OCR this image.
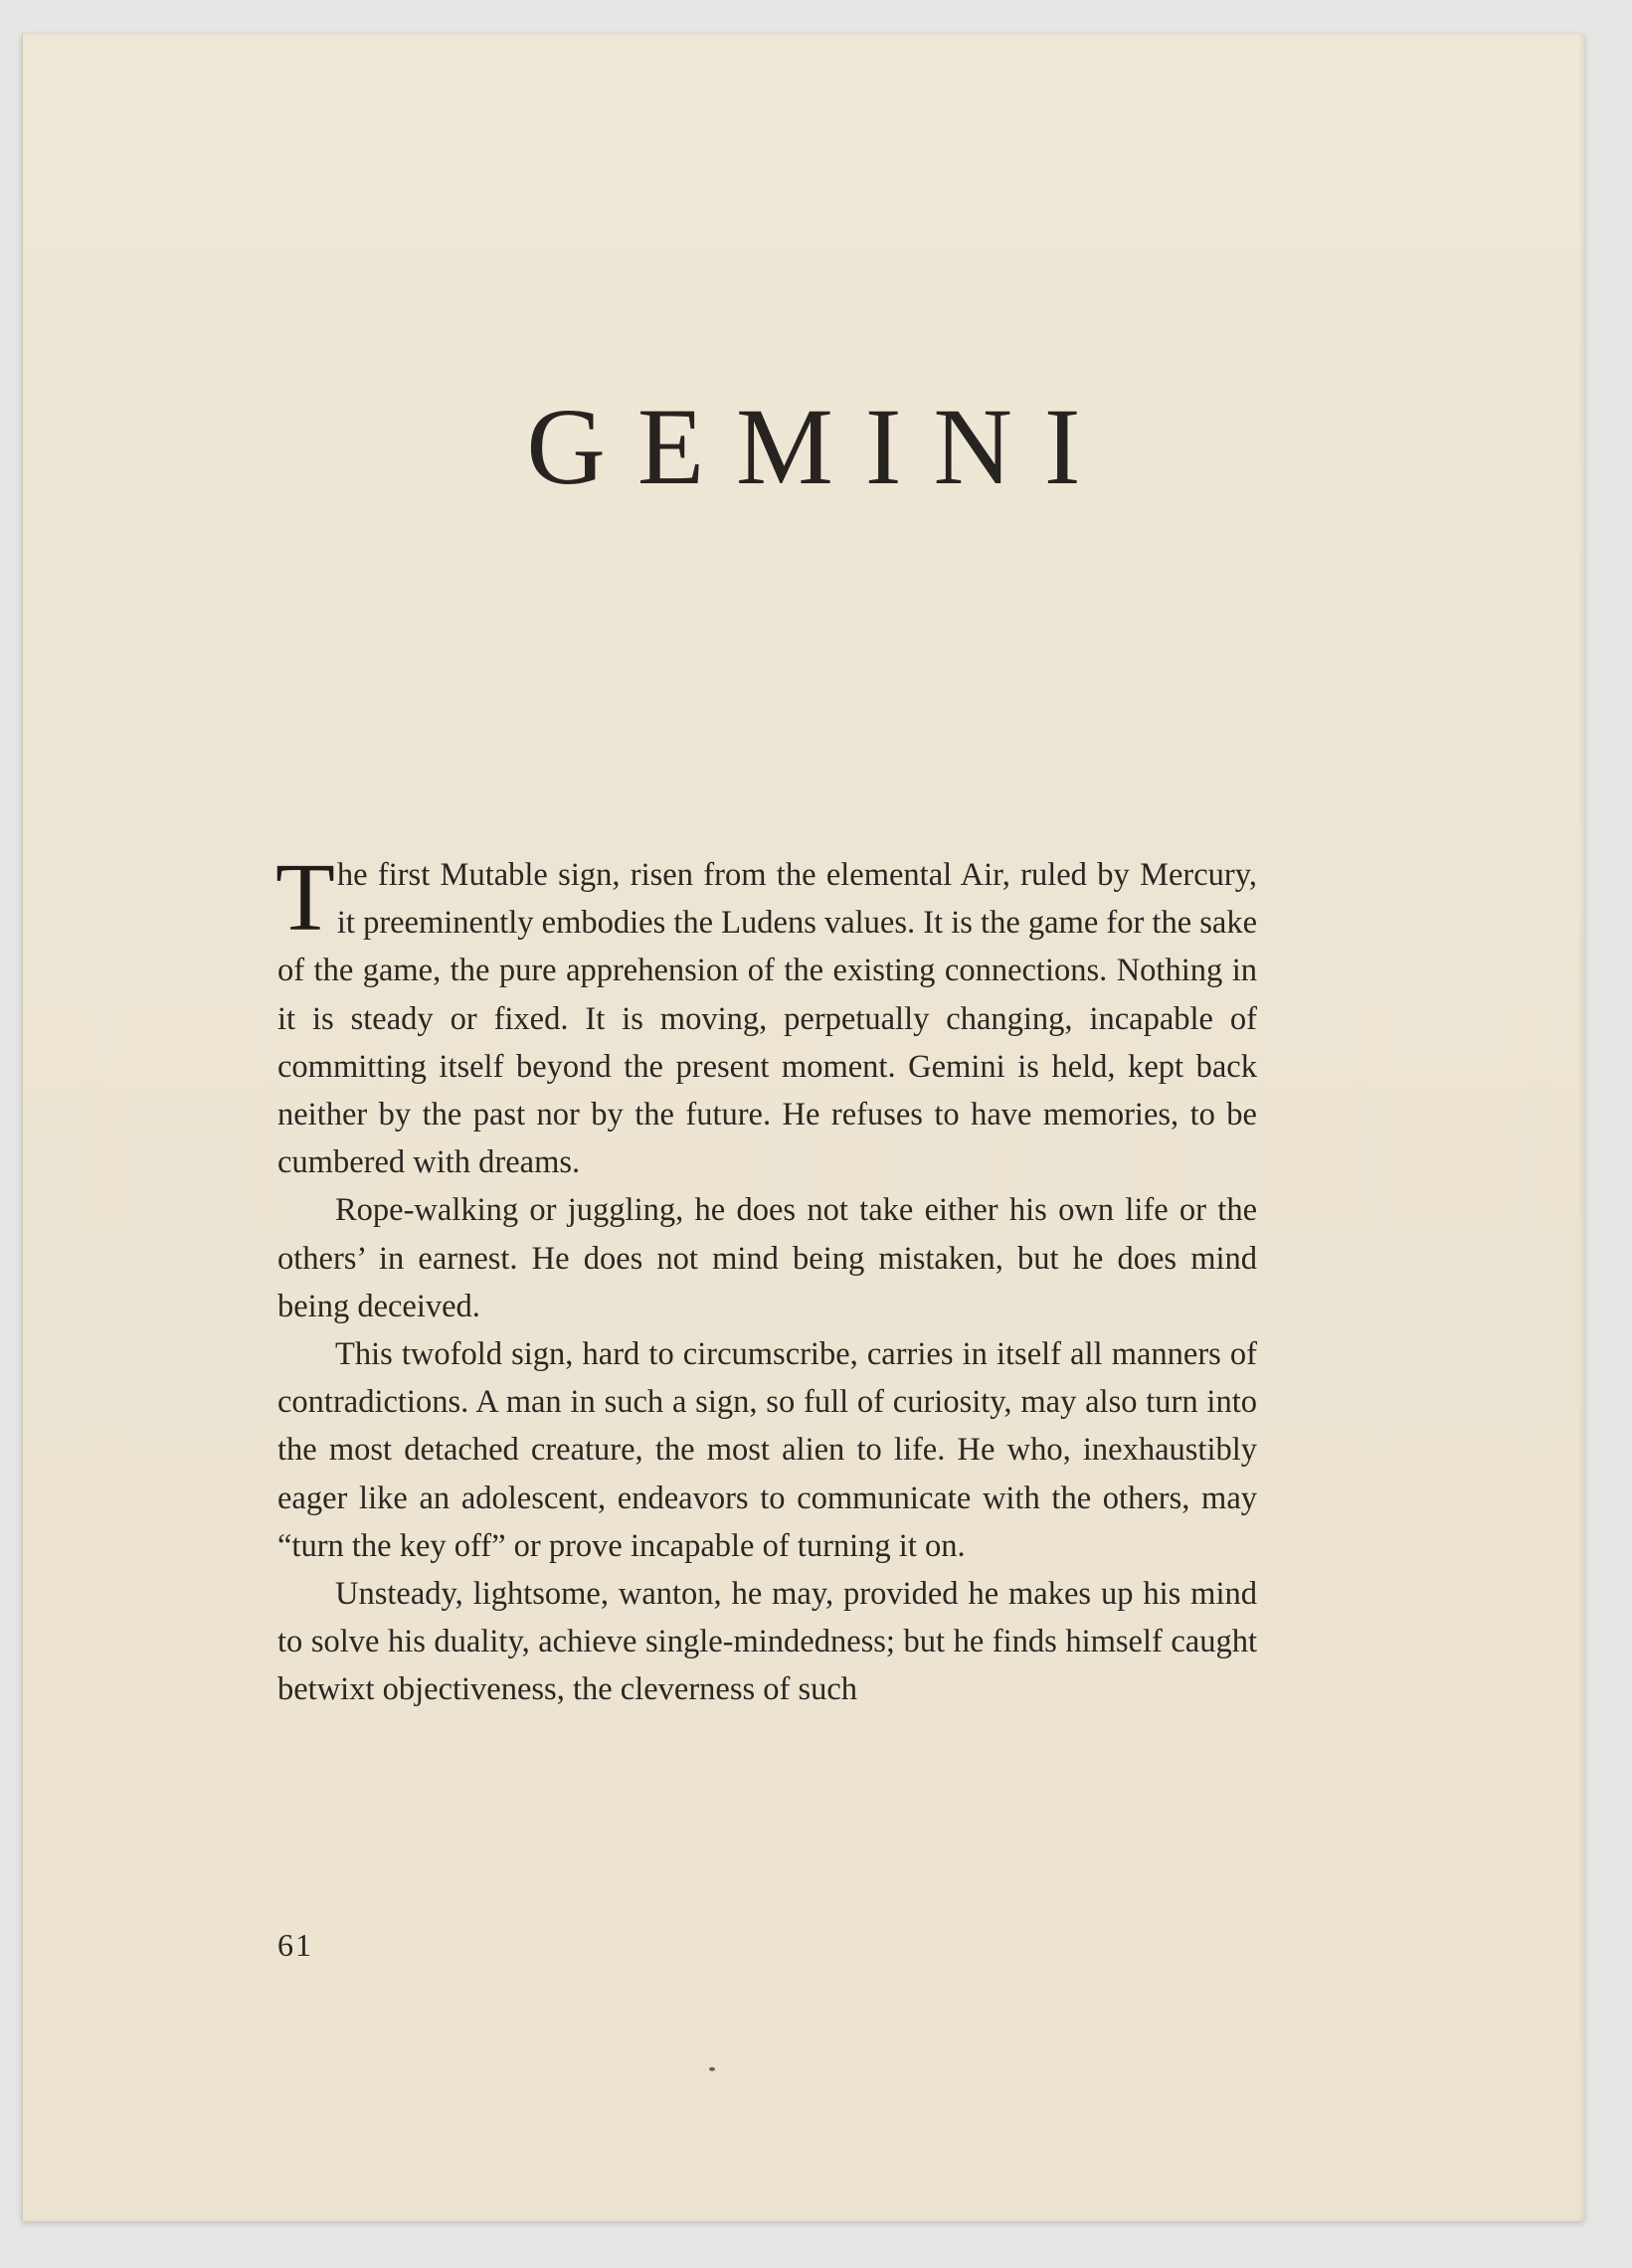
GEMINI

The first Mutable sign, risen from the elemental Air, ruled by Mercury, it preeminently embodies the Ludens values. It is the game for the sake of the game, the pure apprehension of the existing connections. Nothing in it is steady or fixed. It is moving, perpetually changing, incapable of committing itself beyond the present moment. Gemini is held, kept back neither by the past nor by the future. He refuses to have memories, to be cumbered with dreams.

Rope-walking or juggling, he does not take either his own life or the others’ in earnest. He does not mind being mistaken, but he does mind being deceived.

This twofold sign, hard to circumscribe, carries in itself all manners of contradictions. A man in such a sign, so full of curiosity, may also turn into the most detached creature, the most alien to life. He who, inexhaustibly eager like an adolescent, endeavors to communicate with the others, may “turn the key off” or prove incapable of turning it on.

Unsteady, lightsome, wanton, he may, provided he makes up his mind to solve his duality, achieve single-mindedness; but he finds himself caught betwixt objectiveness, the cleverness of such

61
